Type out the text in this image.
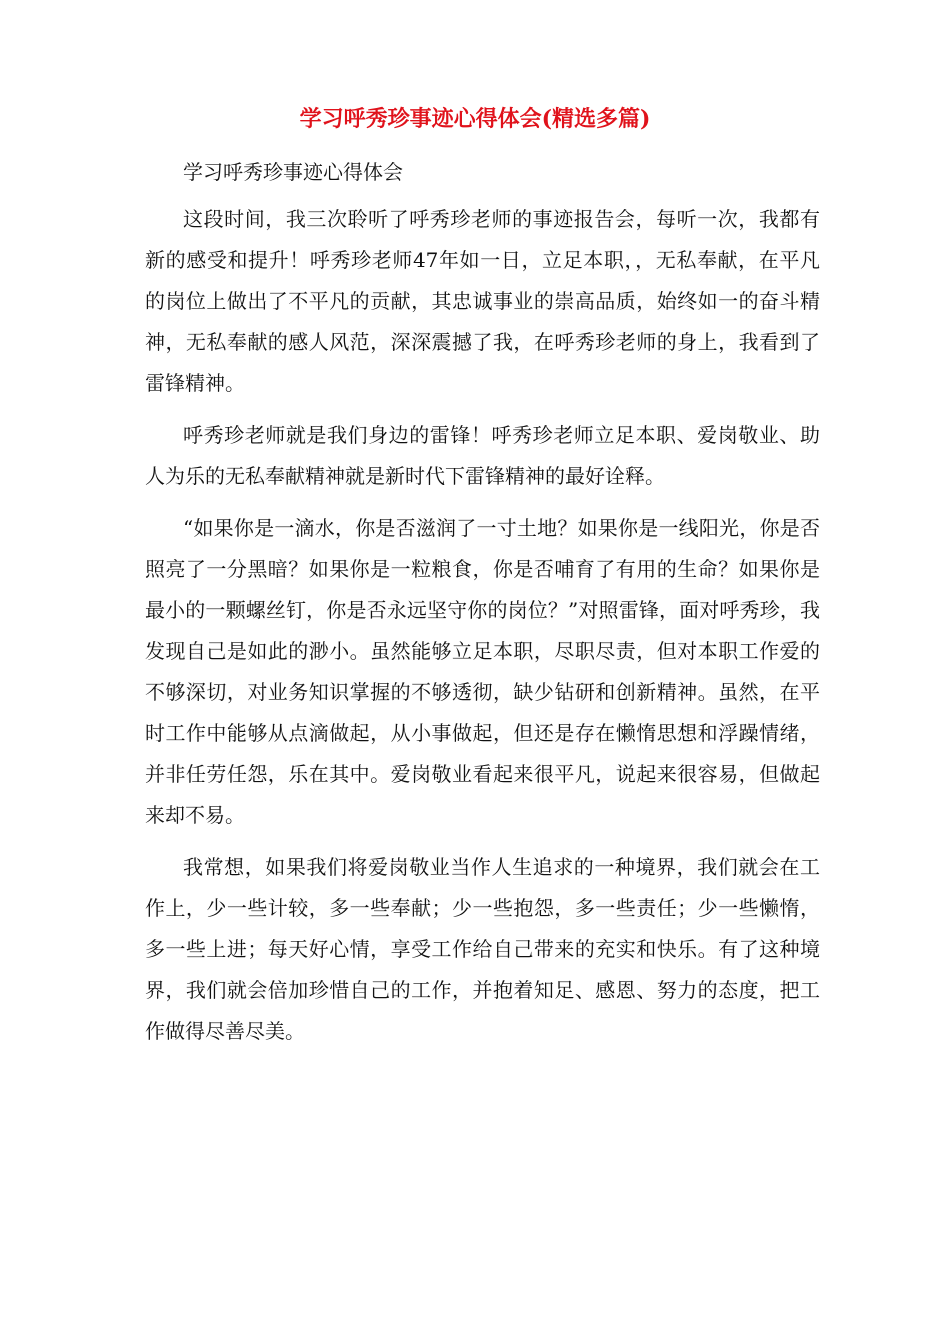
学习呼秀珍事迹心得体会(精选多篇)

学习呼秀珍事迹心得体会

这段时间，我三次聆听了呼秀珍老师的事迹报告会，每听一次，我都有新的感受和提升！呼秀珍老师47年如一日，立足本职，，无私奉献，在平凡的岗位上做出了不平凡的贡献，其忠诚事业的崇高品质，始终如一的奋斗精神，无私奉献的感人风范，深深震撼了我，在呼秀珍老师的身上，我看到了雷锋精神。

呼秀珍老师就是我们身边的雷锋！呼秀珍老师立足本职、爱岗敬业、助人为乐的无私奉献精神就是新时代下雷锋精神的最好诠释。

“如果你是一滴水，你是否滋润了一寸土地？如果你是一线阳光，你是否照亮了一分黑暗？如果你是一粒粮食，你是否哺育了有用的生命？如果你是最小的一颗螺丝钉，你是否永远坚守你的岗位？”对照雷锋，面对呼秀珍，我发现自己是如此的渺小。虽然能够立足本职，尽职尽责，但对本职工作爱的不够深切，对业务知识掌握的不够透彻，缺少钻研和创新精神。虽然，在平时工作中能够从点滴做起，从小事做起，但还是存在懒惰思想和浮躁情绪，并非任劳任怨，乐在其中。爱岗敬业看起来很平凡，说起来很容易，但做起来却不易。

我常想，如果我们将爱岗敬业当作人生追求的一种境界，我们就会在工作上，少一些计较，多一些奉献；少一些抱怨，多一些责任；少一些懒惰，多一些上进；每天好心情，享受工作给自己带来的充实和快乐。有了这种境界，我们就会倍加珍惜自己的工作，并抱着知足、感恩、努力的态度，把工作做得尽善尽美。
